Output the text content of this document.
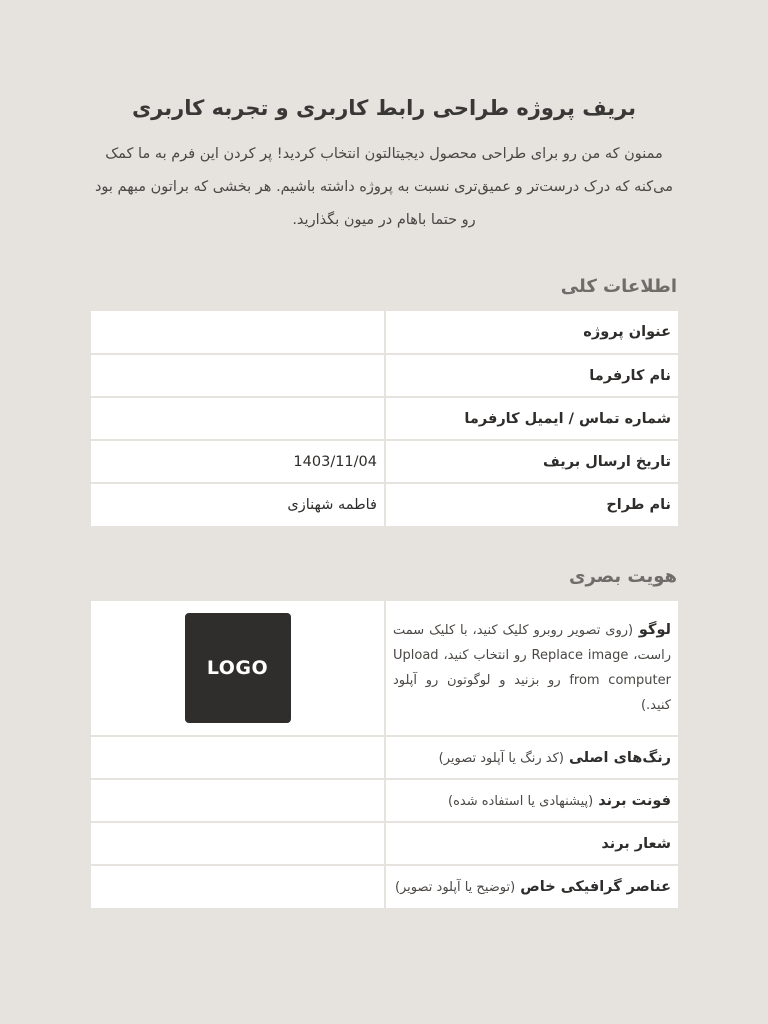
بریف پروژه طراحی رابط کاربری و تجربه کاربری

ممنون که من رو برای طراحی محصول دیجیتالتون انتخاب کردید! پر کردن این فرم به ما کمک می‌کنه که درک درست‌تر و عمیق‌تری نسبت به پروژه داشته باشیم. هر بخشی که براتون مبهم بود رو حتما باهام در میون بگذارید.

اطلاعات کلی
عنوان پروژه	
نام کارفرما	
شماره تماس / ایمیل کارفرما	
تاریخ ارسال بریف	1403/11/04
نام طراح	فاطمه شهنازی
هویت بصری
لوگو (روی تصویر روبرو کلیک کنید، با کلیک سمت راست، Replace image رو انتخاب کنید، Upload from computer رو بزنید و لوگوتون رو آپلود کنید.)	LOGO

رنگ‌های اصلی (کد رنگ یا آپلود تصویر)	
فونت برند (پیشنهادی یا استفاده شده)	
شعار برند	
عناصر گرافیکی خاص (توضیح یا آپلود تصویر)	
